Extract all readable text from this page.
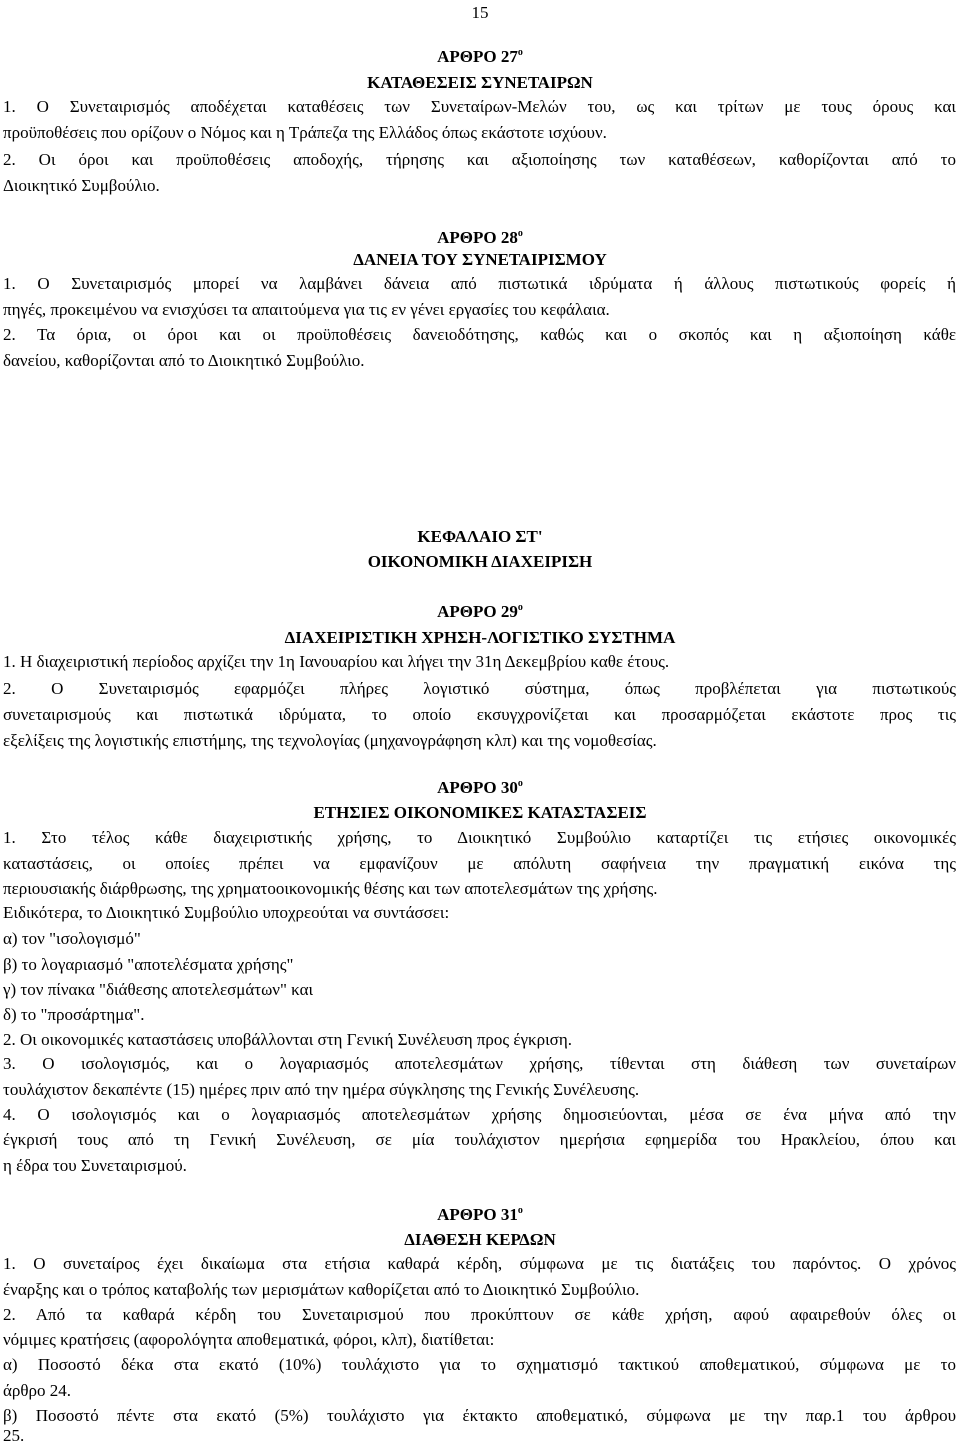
15
ΑΡΘΡΟ $27^o$
ΚΑΤΑΘΕΣΕΙΣ ΣΥΝΕΤΑΙΡΩΝ
1. Ο Συνεταιρισμός αποδέχεται καταθέσεις των Συνεταίρων-Μελών του, ως και τρίτων με τους όρους και
προϋποθέσεις που ορίζουν ο Νόμος και η Τράπεζα της Ελλάδος όπως εκάστοτε ισχύουν.
2. Οι όροι και προϋποθέσεις αποδοχής, τήρησης και αξιοποίησης των καταθέσεων, καθορίζονται από το
Διοικητικό Συμβούλιο.
ΑΡΘΡΟ $28^o$
ΔΑΝΕΙΑ ΤΟΥ ΣΥΝΕΤΑΙΡΙΣΜΟΥ
1. Ο Συνεταιρισμός μπορεί να λαμβάνει δάνεια από πιστωτικά ιδρύματα ή άλλους πιστωτικούς φορείς ή
πηγές, προκειμένου να ενισχύσει τα απαιτούμενα για τις εν γένει εργασίες του κεφάλαια.
2. Τα όρια, οι όροι και οι προϋποθέσεις δανειοδότησης, καθώς και ο σκοπός και η αξιοποίηση κάθε
δανείου, καθορίζονται από το Διοικητικό Συμβούλιο.
ΚΕΦΑΛΑΙΟ ΣΤ'
ΟΙΚΟΝΟΜΙΚΗ ΔΙΑΧΕΙΡΙΣΗ
ΑΡΘΡΟ $29^o$
ΔΙΑΧΕΙΡΙΣΤΙΚΗ ΧΡΗΣΗ-ΛΟΓΙΣΤΙΚΟ ΣΥΣΤΗΜΑ
1. Η διαχειριστική περίοδος αρχίζει την 1η Ιανουαρίου και λήγει την 31η Δεκεμβρίου καθε έτους.
2. Ο Συνεταιρισμός εφαρμόζει πλήρες λογιστικό σύστημα, όπως προβλέπεται για πιστωτικούς
συνεταιρισμούς και πιστωτικά ιδρύματα, το οποίο εκσυγχρονίζεται και προσαρμόζεται εκάστοτε προς τις
εξελίξεις της λογιστικής επιστήμης, της τεχνολογίας (μηχανογράφηση κλπ) και της νομοθεσίας.
ΑΡΘΡΟ $30^o$
ΕΤΗΣΙΕΣ ΟΙΚΟΝΟΜΙΚΕΣ ΚΑΤΑΣΤΑΣΕΙΣ
1. Στο τέλος κάθε διαχειριστικής χρήσης, το Διοικητικό Συμβούλιο καταρτίζει τις ετήσιες οικονομικές
καταστάσεις, οι οποίες πρέπει να εμφανίζουν με απόλυτη σαφήνεια την πραγματική εικόνα της
περιουσιακής διάρθρωσης, της χρηματοοικονομικής θέσης και των αποτελεσμάτων της χρήσης.
Ειδικότερα, το Διοικητικό Συμβούλιο υποχρεούται να συντάσσει:
α) τον "ισολογισμό"
β) το λογαριασμό "αποτελέσματα χρήσης"
γ) τον πίνακα "διάθεσης αποτελεσμάτων" και
δ) το "προσάρτημα".
2. Οι οικονομικές καταστάσεις υποβάλλονται στη Γενική Συνέλευση προς έγκριση.
3. Ο ισολογισμός, και ο λογαριασμός αποτελεσμάτων χρήσης, τίθενται στη διάθεση των συνεταίρων
τουλάχιστον δεκαπέντε (15) ημέρες πριν από την ημέρα σύγκλησης της Γενικής Συνέλευσης.
4. Ο ισολογισμός και ο λογαριασμός αποτελεσμάτων χρήσης δημοσιεύονται, μέσα σε ένα μήνα από την
έγκρισή τους από τη Γενική Συνέλευση, σε μία τουλάχιστον ημερήσια εφημερίδα του Ηρακλείου, όπου και
η έδρα του Συνεταιρισμού.
ΑΡΘΡΟ $31^o$
ΔΙΑΘΕΣΗ ΚΕΡΔΩΝ
1. Ο συνεταίρος έχει δικαίωμα στα ετήσια καθαρά κέρδη, σύμφωνα με τις διατάξεις του παρόντος. Ο χρόνος
έναρξης και ο τρόπος καταβολής των μερισμάτων καθορίζεται από το Διοικητικό Συμβούλιο.
2. Από τα καθαρά κέρδη του Συνεταιρισμού που προκύπτουν σε κάθε χρήση, αφού αφαιρεθούν όλες οι
νόμιμες κρατήσεις (αφορολόγητα αποθεματικά, φόροι, κλπ), διατίθεται:
α) Ποσοστό δέκα στα εκατό (10%) τουλάχιστο για το σχηματισμό τακτικού αποθεματικού, σύμφωνα με το
άρθρο 24.
β) Ποσοστό πέντε στα εκατό (5%) τουλάχιστο για έκτακτο αποθεματικό, σύμφωνα με την παρ.1 του άρθρου
25.
